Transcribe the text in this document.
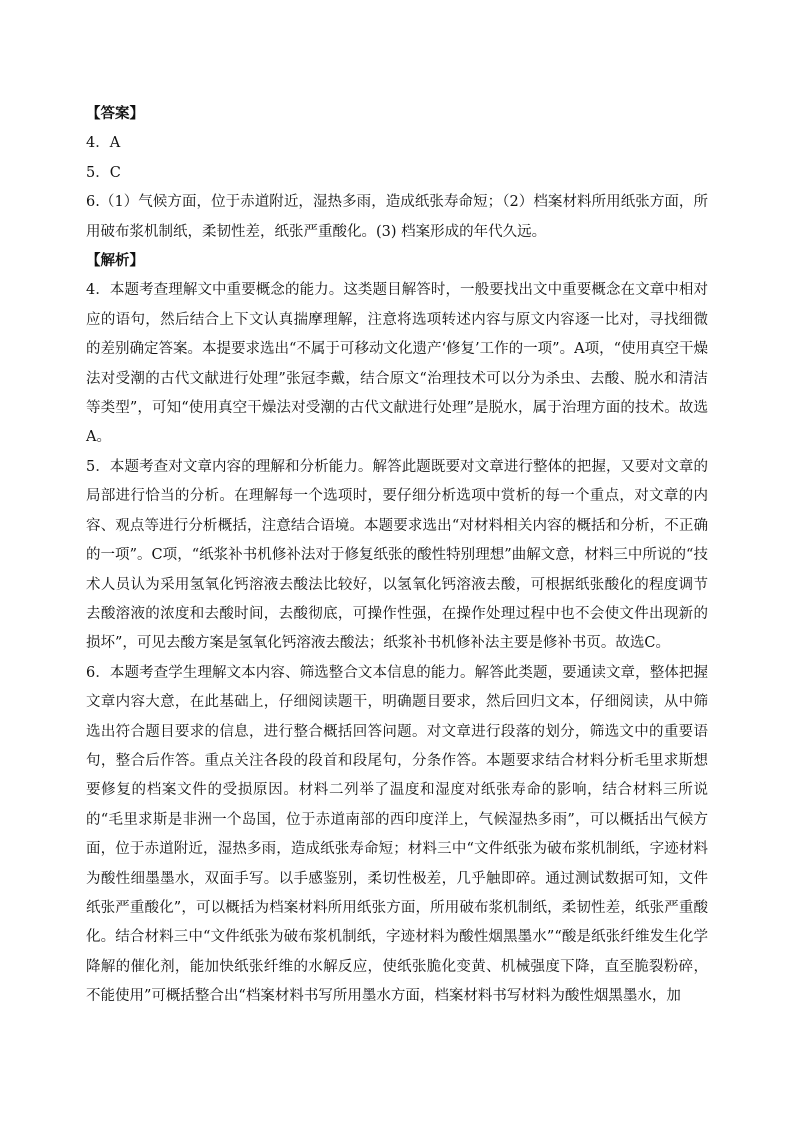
【答案】
4．A
5．C
6.（1）气候方面，位于赤道附近，湿热多雨，造成纸张寿命短；（2）档案材料所用纸张方面，所用破布浆机制纸，柔韧性差，纸张严重酸化。(3) 档案形成的年代久远。
【解析】
4．本题考查理解文中重要概念的能力。这类题目解答时，一般要找出文中重要概念在文章中相对应的语句，然后结合上下文认真揣摩理解，注意将选项转述内容与原文内容逐一比对，寻找细微的差别确定答案。本提要求选出“不属于可移动文化遗产‘修复’工作的一项”。A项，“使用真空干燥法对受潮的古代文献进行处理”张冠李戴，结合原文“治理技术可以分为杀虫、去酸、脱水和清洁等类型”，可知“使用真空干燥法对受潮的古代文献进行处理”是脱水，属于治理方面的技术。故选A。
5．本题考查对文章内容的理解和分析能力。解答此题既要对文章进行整体的把握，又要对文章的局部进行恰当的分析。在理解每一个选项时，要仔细分析选项中赏析的每一个重点，对文章的内容、观点等进行分析概括，注意结合语境。本题要求选出“对材料相关内容的概括和分析，不正确的一项”。C项，“纸浆补书机修补法对于修复纸张的酸性特别理想”曲解文意，材料三中所说的“技术人员认为采用氢氧化钙溶液去酸法比较好，以氢氧化钙溶液去酸，可根据纸张酸化的程度调节去酸溶液的浓度和去酸时间，去酸彻底，可操作性强，在操作处理过程中也不会使文件出现新的损坏”，可见去酸方案是氢氧化钙溶液去酸法；纸浆补书机修补法主要是修补书页。故选C。
6．本题考查学生理解文本内容、筛选整合文本信息的能力。解答此类题，要通读文章，整体把握文章内容大意，在此基础上，仔细阅读题干，明确题目要求，然后回归文本，仔细阅读，从中筛选出符合题目要求的信息，进行整合概括回答问题。对文章进行段落的划分，筛选文中的重要语句，整合后作答。重点关注各段的段首和段尾句，分条作答。本题要求结合材料分析毛里求斯想要修复的档案文件的受损原因。材料二列举了温度和湿度对纸张寿命的影响，结合材料三所说的“毛里求斯是非洲一个岛国，位于赤道南部的西印度洋上，气候湿热多雨”，可以概括出气候方面，位于赤道附近，湿热多雨，造成纸张寿命短；材料三中“文件纸张为破布浆机制纸，字迹材料为酸性细墨墨水，双面手写。以手感鉴别，柔切性极差，几乎触即碎。通过测试数据可知，文件纸张严重酸化”，可以概括为档案材料所用纸张方面，所用破布浆机制纸，柔韧性差，纸张严重酸化。结合材料三中“文件纸张为破布浆机制纸，字迹材料为酸性烟黑墨水”“酸是纸张纤维发生化学降解的催化剂，能加快纸张纤维的水解反应，使纸张脆化变黄、机械强度下降，直至脆裂粉碎，不能使用”可概括整合出“档案材料书写所用墨水方面，档案材料书写材料为酸性烟黑墨水，加
